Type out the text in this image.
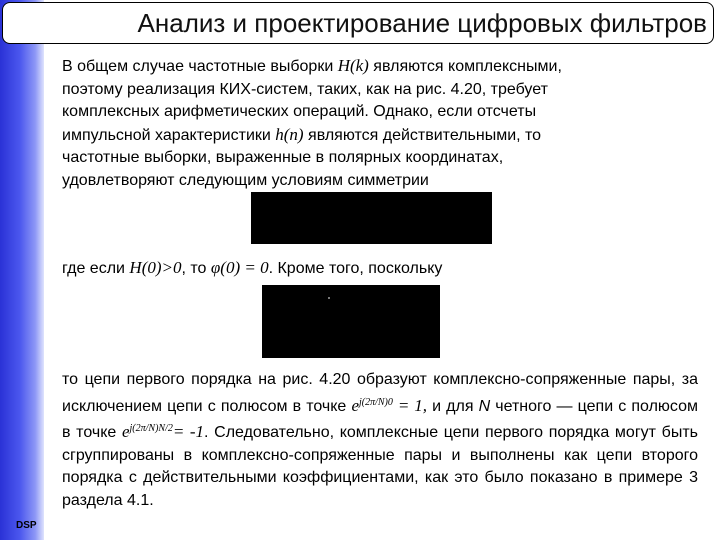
Анализ и проектирование цифровых фильтров
В общем случае частотные выборки H(k) являются комплексными, поэтому реализация КИХ-систем, таких, как на рис. 4.20, требует комплексных арифметических операций. Однако, если отсчеты импульсной характеристики h(n) являются действительными, то частотные выборки, выраженные в полярных координатах, удовлетворяют следующим условиям симметрии
где если H(0)>0, то φ(0) = 0. Кроме того, поскольку
то цепи первого порядка на рис. 4.20 образуют комплексно-сопряженные пары, за исключением цепи с полюсом в точке $e^{j(2\pi/N)0} = 1$, и для N четного — цепи с полюсом в точке $e^{j(2\pi/N)N/2}= -1$. Следовательно, комплексные цепи первого порядка могут быть сгруппированы в комплексно-сопряженные пары и выполнены как цепи второго порядка с действительными коэффициентами, как это было показано в примере 3 раздела 4.1.
DSP
